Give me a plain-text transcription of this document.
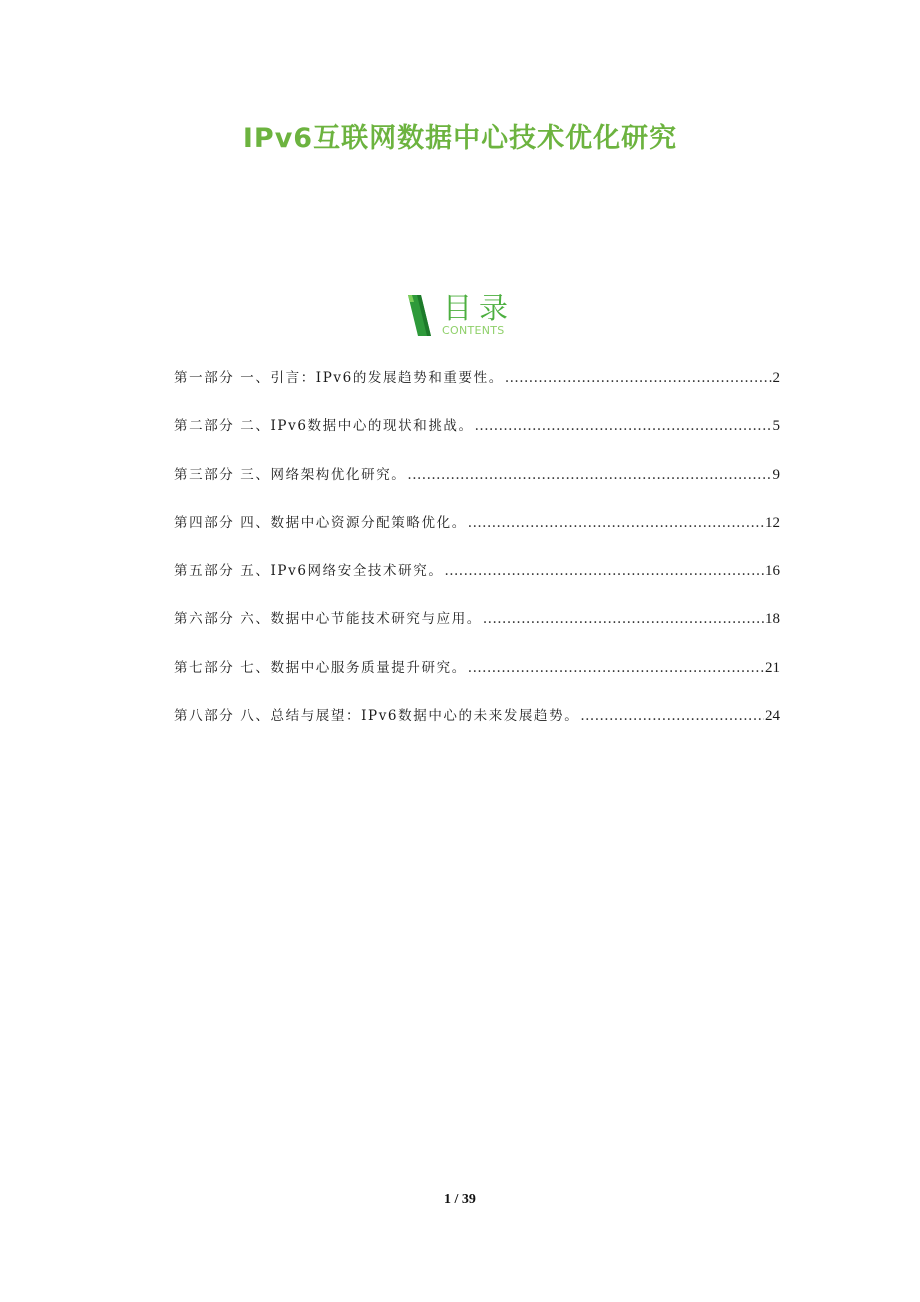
IPv6互联网数据中心技术优化研究
目录
CONTENTS
第一部分 一、引言：IPv6的发展趋势和重要性。 .....	2
第二部分 二、IPv6数据中心的现状和挑战。 .....	5
第三部分 三、网络架构优化研究。 .....	9
第四部分 四、数据中心资源分配策略优化。 .....	12
第五部分 五、IPv6网络安全技术研究。 .....	16
第六部分 六、数据中心节能技术研究与应用。 .....	18
第七部分 七、数据中心服务质量提升研究。 .....	21
第八部分 八、总结与展望：IPv6数据中心的未来发展趋势。 .....	24
1 / 39
